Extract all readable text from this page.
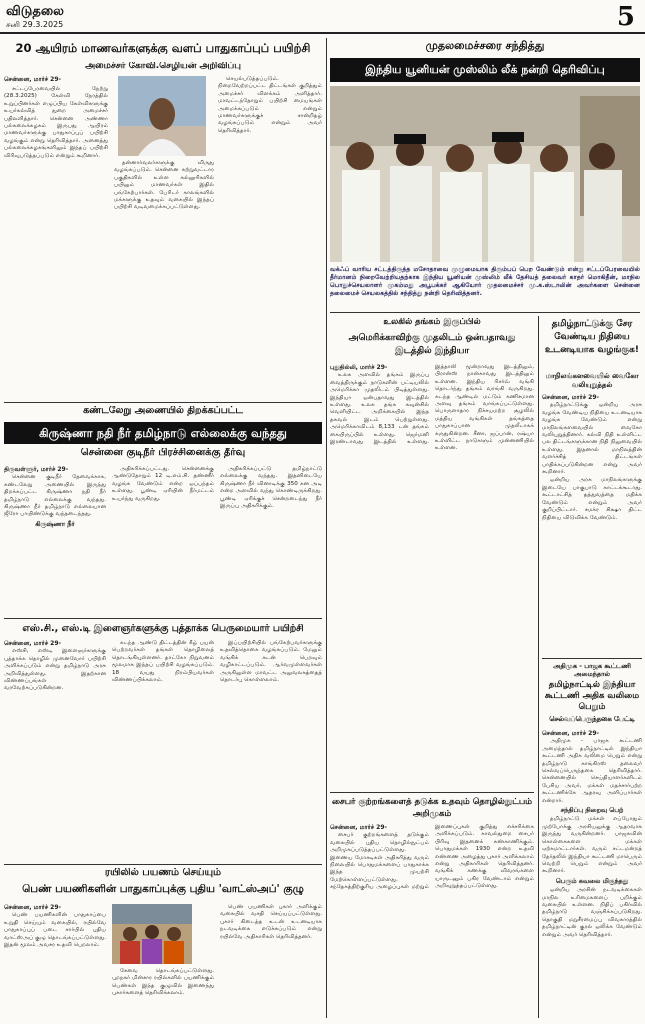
விடுதலை
சனி 29.3.2025	5
20 ஆயிரம் மாணவர்களுக்கு வளப் பாதுகாப்புப் பயிற்சி
அமைச்சர் கோவி.செழியன் அறிவிப்பு
சென்னை, மார்ச் 29-

சட்டப்பேரவையில் நேற்று (28.3.2025) கேள்வி நேரத்தில் உறுப்பினர்கள் எழுப்பிய கேள்விகளுக்கு உயர்கல்வித் துறை அமைச்சர் பதிலளித்தார். சென்னை அண்ணா பல்கலைக்கழகம் இருபது ஆயிரம் மாணவர்களுக்கு பாதுகாப்புப் பயிற்சி வழங்கும் என்று தெரிவித்தார். அனைத்து பல்கலைக்கழகங்களிலும் இந்தப் பயிற்சி விரிவுபடுத்தப்படும் என்றும் கூறினார்.

தன்னார்வலர்களுக்கு விருது வழங்கப்படும். சென்னை சுற்றுவட்டார பகுதிகளில் உள்ள கல்லூரிகளில் பயிலும் மாணவர்கள் இதில் பங்கேற்பார்கள். பேரிடர் காலங்களில் மக்களுக்கு உதவும் வகையில் இந்தப் பயிற்சி வடிவமைக்கப்பட்டுள்ளது.

செயல்படுத்தப்படும். நிறைவேற்றப்பட்ட திட்டங்கள் குறித்தும் அமைச்சர் விளக்கம் அளித்தார். மாவட்டந்தோறும் பயிற்சி மையங்கள் அமைக்கப்படும் என்றும் மாணவர்களுக்குச் சான்றிதழ் வழங்கப்படும் என்றும் அவர் தெரிவித்தார்.

கண்டலேறு அணையில் திறக்கப்பட்ட
கிருஷ்ணா நதி நீர் தமிழ்நாடு எல்லைக்கு வந்தது
சென்னை குடிநீர் பிரச்சினைக்கு தீர்வு
திருவள்ளூர், மார்ச் 29-

சென்னை குடிநீர் தேவைக்காக, கண்டலேறு அணையில் இருந்து திறக்கப்பட்ட கிருஷ்ணா நதி நீர் தமிழ்நாடு எல்லைக்கு வந்தது. கிருஷ்ணா நீர் தமிழ்நாடு எல்லையான ஜீரோ பாயிண்டுக்கு வந்தடைந்தது.

கிருஷ்ணா நீர்

அதிகரிக்கப்பட்டது. சென்னைக்கு ஆண்டுதோறும் 12 டி.எம்.சி. தண்ணீர் வழங்க வேண்டும் என்ற ஒப்பந்தம் உள்ளது. பூண்டி ஏரியின் நீர்மட்டம் உயர்ந்து வருகிறது.

அதிகரிக்கப்பட்டு தமிழ்நாட்டு எல்லைக்கு வந்தது. இதனிடையே கிருஷ்ணா நீர் வினாடிக்கு 350 கன அடி என்ற அளவில் வந்து கொண்டிருக்கிறது. பூண்டி ஏரிக்குச் சென்றடைந்து நீர் இருப்பு அதிகரிக்கும்.

எஸ்.சி., எஸ்.டி இளைஞர்களுக்கு புத்தாக்க பெருமையார் பயிற்சி
சென்னை, மார்ச் 29-

எஸ்சி, எஸ்டி இளைஞர்களுக்கு புத்தாக்க தொழில் முனைவோர் பயிற்சி அளிக்கப்படும் என்று தமிழ்நாடு அரசு அறிவித்துள்ளது. இதற்கான விண்ணப்பங்கள் வரவேற்கப்படுகின்றன.

கடந்த ஆண்டு திட்டத்தின் கீழ் பயன் பெற்றவர்கள் தங்கள் தொழிலைத் தொடங்கியுள்ளனர். தாட்கோ நிறுவனம் மூலமாக இந்தப் பயிற்சி வழங்கப்படும். 18 வயது நிரம்பியவர்கள் விண்ணப்பிக்கலாம்.

இப்பயிற்சியில் பங்கேற்பவர்களுக்கு உதவித்தொகை வழங்கப்படும். மேலும் வங்கிக் கடன் பெறவும் வழிகாட்டப்படும். ஆர்வமுள்ளவர்கள் அருகிலுள்ள மாவட்ட அலுவலகத்தைத் தொடர்பு கொள்ளலாம்.

ரயிலில் பயணம் செய்யும்
பெண் பயணிகளின் பாதுகாப்புக்கு புதிய 'வாட்ஸ்அப்' குழு
சென்னை, மார்ச் 29-

பெண் பயணிகளின் பாதுகாப்பை உறுதி செய்யும் வகையில், ரயில்வே பாதுகாப்புப் படை சார்பில் புதிய வாட்ஸ்அப் குழு தொடங்கப்பட்டுள்ளது. இதன் மூலம் அவசர உதவி பெறலாம்.

சேவை தொடங்கப்பட்டுள்ளது. புறநகர் மின்சார ரயில்களில் பயணிக்கும் பெண்கள் இந்த குழுவில் இணைந்து புகார்களைத் தெரிவிக்கலாம்.

பெண் பயணிகள் புகார் அளிக்கும் வகையில் வசதி செய்யப்பட்டுள்ளது. புகார் கிடைத்த உடன் உடனடியாக நடவடிக்கை எடுக்கப்படும் என்று ரயில்வே அதிகாரிகள் தெரிவித்தனர்.

முதலமைச்சரை சந்தித்து
இந்திய யூனியன் முஸ்லிம் லீக் நன்றி தெரிவிப்பு
வக்ஃப் வாரிய சட்டத்திருத்த மசோதாவை முழுமையாக திரும்பப் பெற வேண்டும் என்று சட்டப்பேரவையில் தீர்மானம் நிறைவேற்றியதற்காக இந்திய யூனியன் முஸ்லிம் லீக் தேசியத் தலைவர் காதர் மொகிதீன், மாநில பொதுச்செயலாளர் முகம்மது அபூபக்கர் ஆகியோர் முதலமைச்சர் மு.க.ஸ்டாலின் அவர்களை சென்னை தலைமைச் செயலகத்தில் சந்தித்து நன்றி தெரிவித்தனர்.
உலகில் தங்கம் இருப்பில்
அமெரிக்காவிற்கு முதலிடம் ஒன்பதாவது இடத்தில் இந்தியா
புதுதில்லி, மார்ச் 29-

உலக அளவில் தங்கம் இருப்பு வைத்திருக்கும் நாடுகளின் பட்டியலில் அமெரிக்கா முதலிடம் பிடித்துள்ளது. இந்தியா ஒன்பதாவது இடத்தில் உள்ளது. உலக தங்க கவுன்சில் வெளியிட்ட அறிக்கையில் இந்த தகவல் இடம் பெற்றுள்ளது. அமெரிக்காவிடம் 8,133 டன் தங்கம் கையிருப்பில் உள்ளது. ஜெர்மனி இரண்டாவது இடத்தில் உள்ளது. இத்தாலி மூன்றாவது இடத்திலும், பிரான்ஸ் நான்காவது இடத்திலும் உள்ளன. இந்திய ரிசர்வ் வங்கி தொடர்ந்து தங்கம் வாங்கி வருகிறது. கடந்த ஆண்டில் மட்டும் கணிசமான அளவு தங்கம் வாங்கப்பட்டுள்ளது. பொருளாதார நிச்சயமற்ற சூழலில் மத்திய வங்கிகள் தங்கத்தை பாதுகாப்பான முதலீடாகக் கருதுகின்றன. சீனா, ஜப்பான், ரஷ்யா உள்ளிட்ட நாடுகளும் முன்னணியில் உள்ளன.

சைபர் குற்றங்களைத் தடுக்க உதவும் தொழில்நுட்பம் அறிமுகம்
சென்னை, மார்ச் 29-

சைபர் குற்றங்களைத் தடுக்கும் வகையில் புதிய தொழில்நுட்பம் அறிமுகப்படுத்தப்பட்டுள்ளது. இணைய மோசடிகள் அதிகரித்து வரும் நிலையில் பொதுமக்களைப் பாதுகாக்க இந்த முயற்சி மேற்கொள்ளப்பட்டுள்ளது. சந்தேகத்திற்குரிய அழைப்புகள் மற்றும் இணைப்புகள் குறித்து எச்சரிக்கை அளிக்கப்படும். காவல்துறை சைபர் பிரிவு இதனைக் கண்காணிக்கும். பொதுமக்கள் 1930 என்ற உதவி எண்ணை அழைத்து புகார் அளிக்கலாம் என்று அதிகாரிகள் தெரிவித்தனர். வங்கிக் கணக்கு விவரங்களை யாருடனும் பகிர வேண்டாம் என்றும் அறிவுறுத்தப்பட்டுள்ளது.

தமிழ்நாட்டுக்கு சேர வேண்டிய நிதியை உடனடியாக வழங்குக!
மாநிலங்களவையில் வைகோ வலியுறுத்தல்
சென்னை, மார்ச் 29-

தமிழ்நாட்டுக்கு ஒன்றிய அரசு வழங்க வேண்டிய நிதியை உடனடியாக வழங்க வேண்டும் என்று மாநிலங்களவையில் வைகோ வலியுறுத்தினார். கல்வி நிதி உள்ளிட்ட பல திட்டங்களுக்கான நிதி நிலுவையில் உள்ளது. இதனால் மாநிலத்தின் வளர்ச்சித் திட்டங்கள் பாதிக்கப்படுகின்றன என்று அவர் கூறினார்.

ஒன்றிய அரசு மாநிலங்களுக்கு இடையே பாகுபாடு காட்டக்கூடாது. கூட்டாட்சித் தத்துவத்தை மதிக்க வேண்டும் என்றும் அவர் குறிப்பிட்டார். சமக்ர சிக்ஷா திட்ட நிதியை விடுவிக்க வேண்டும்.

அதிமுக - பாஜக கூட்டணி அமைந்தால்
தமிழ்நாட்டில் இந்தியா கூட்டணி அதிக வலிமை பெறும்
செல்வப்பெருந்தகை பேட்டி
சென்னை, மார்ச் 29-

அதிமுக - பாஜக கூட்டணி அமைந்தால் தமிழ்நாட்டில் இந்தியா கூட்டணி அதிக வலிமை பெறும் என்று தமிழ்நாடு காங்கிரஸ் தலைவர் செல்வப்பெருந்தகை தெரிவித்தார். சென்னையில் செய்தியாளர்களிடம் பேசிய அவர், மக்கள் மதச்சார்பற்ற கூட்டணிக்கே ஆதரவு அளிப்பார்கள் என்றார்.

சந்திப்பு நிறைவு பெற்

தமிழ்நாட்டு மக்கள் எப்போதும் முற்போக்கு அரசியலுக்கு ஆதரவாக இருந்து வருகின்றனர். பாஜகவின் கொள்கைகளை மக்கள் ஏற்கமாட்டார்கள். வரும் சட்டமன்றத் தேர்தலில் இந்தியா கூட்டணி மாபெரும் வெற்றி பெறும் என்றும் அவர் கூறினார்.

பெரும் கவலை மிகுந்தது

ஒன்றிய அரசின் நடவடிக்கைகள் மாநில உரிமைகளைப் பறிக்கும் வகையில் உள்ளன. நிதிப் பகிர்வில் தமிழ்நாடு வஞ்சிக்கப்படுகிறது. தொகுதி மறுசீரமைப்பு விவகாரத்தில் தமிழ்நாட்டின் குரல் ஒலிக்க வேண்டும் என்றும் அவர் தெரிவித்தார்.
